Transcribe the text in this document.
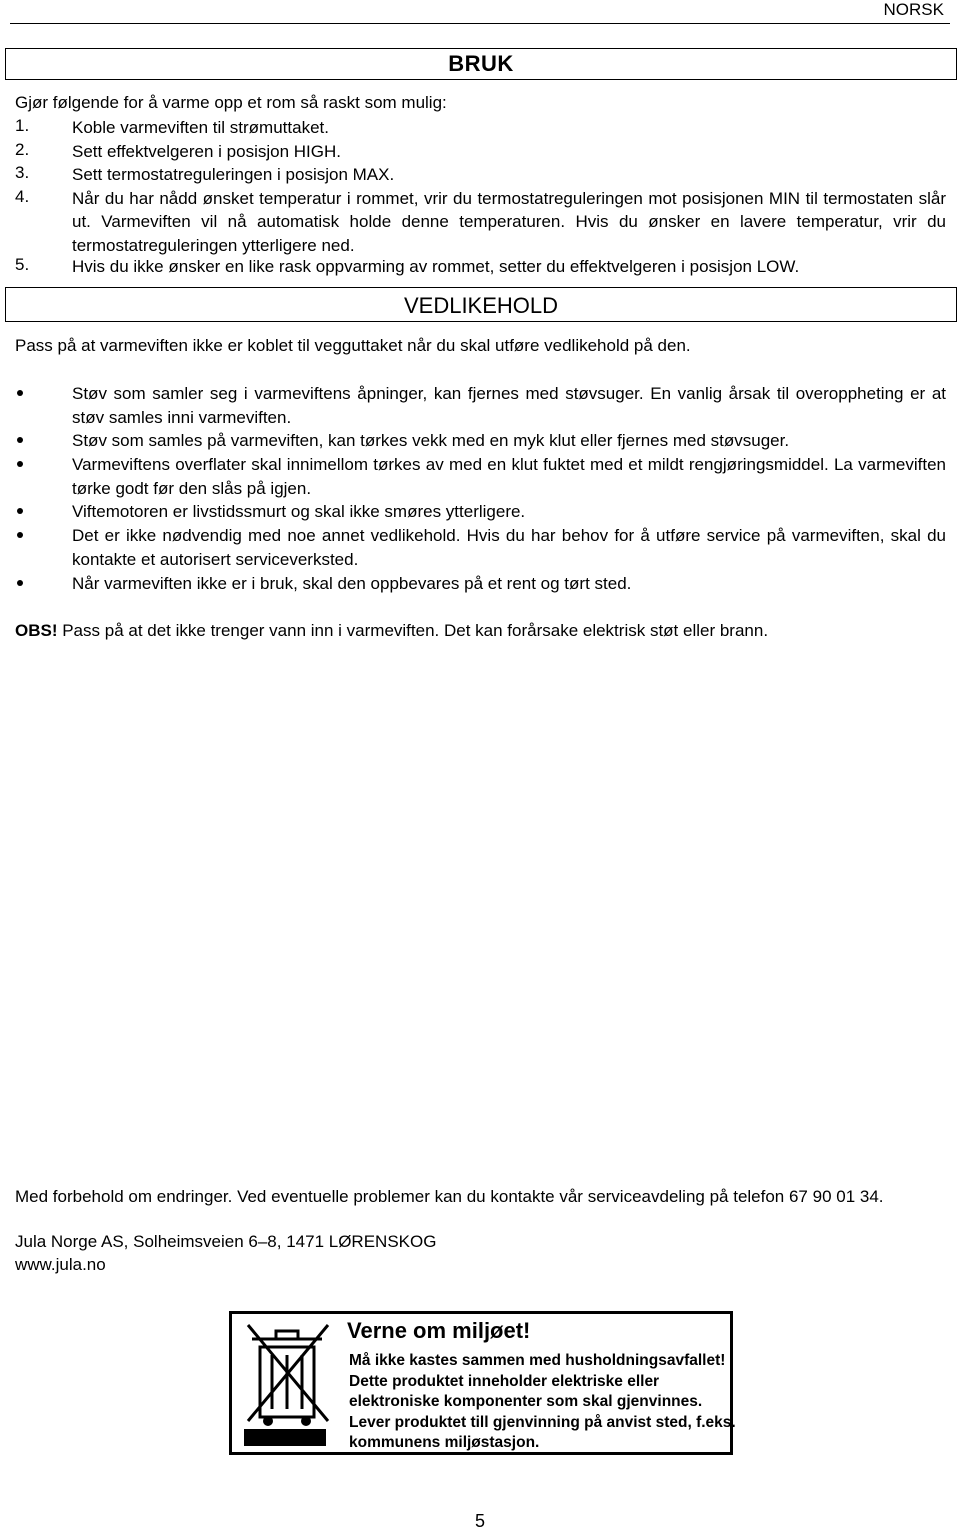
NORSK
BRUK
Gjør følgende for å varme opp et rom så raskt som mulig:
1.	Koble varmeviften til strømuttaket.
2.	Sett effektvelgeren i posisjon HIGH.
3.	Sett termostatreguleringen i posisjon MAX.
4.	Når du har nådd ønsket temperatur i rommet, vrir du termostatreguleringen mot posisjonen MIN til termostaten slår ut. Varmeviften vil nå automatisk holde denne temperaturen. Hvis du ønsker en lavere temperatur, vrir du termostatreguleringen ytterligere ned.
5.	Hvis du ikke ønsker en like rask oppvarming av rommet, setter du effektvelgeren i posisjon LOW.
VEDLIKEHOLD
Pass på at varmeviften ikke er koblet til vegguttaket når du skal utføre vedlikehold på den.
Støv som samler seg i varmeviftens åpninger, kan fjernes med støvsuger. En vanlig årsak til overoppheting er at støv samles inni varmeviften.
Støv som samles på varmeviften, kan tørkes vekk med en myk klut eller fjernes med støvsuger.
Varmeviftens overflater skal innimellom tørkes av med en klut fuktet med et mildt rengjøringsmiddel. La varmeviften tørke godt før den slås på igjen.
Viftemotoren er livstidssmurt og skal ikke smøres ytterligere.
Det er ikke nødvendig med noe annet vedlikehold. Hvis du har behov for å utføre service på varmeviften, skal du kontakte et autorisert serviceverksted.
Når varmeviften ikke er i bruk, skal den oppbevares på et rent og tørt sted.
OBS! Pass på at det ikke trenger vann inn i varmeviften. Det kan forårsake elektrisk støt eller brann.
Med forbehold om endringer. Ved eventuelle problemer kan du kontakte vår serviceavdeling på telefon 67 90 01 34.
Jula Norge AS, Solheimsveien 6–8, 1471 LØRENSKOG
www.jula.no
Verne om miljøet!
Må ikke kastes sammen med husholdningsavfallet!
Dette produktet inneholder elektriske eller
elektroniske komponenter som skal gjenvinnes.
Lever produktet till gjenvinning på anvist sted, f.eks.
kommunens miljøstasjon.
5
